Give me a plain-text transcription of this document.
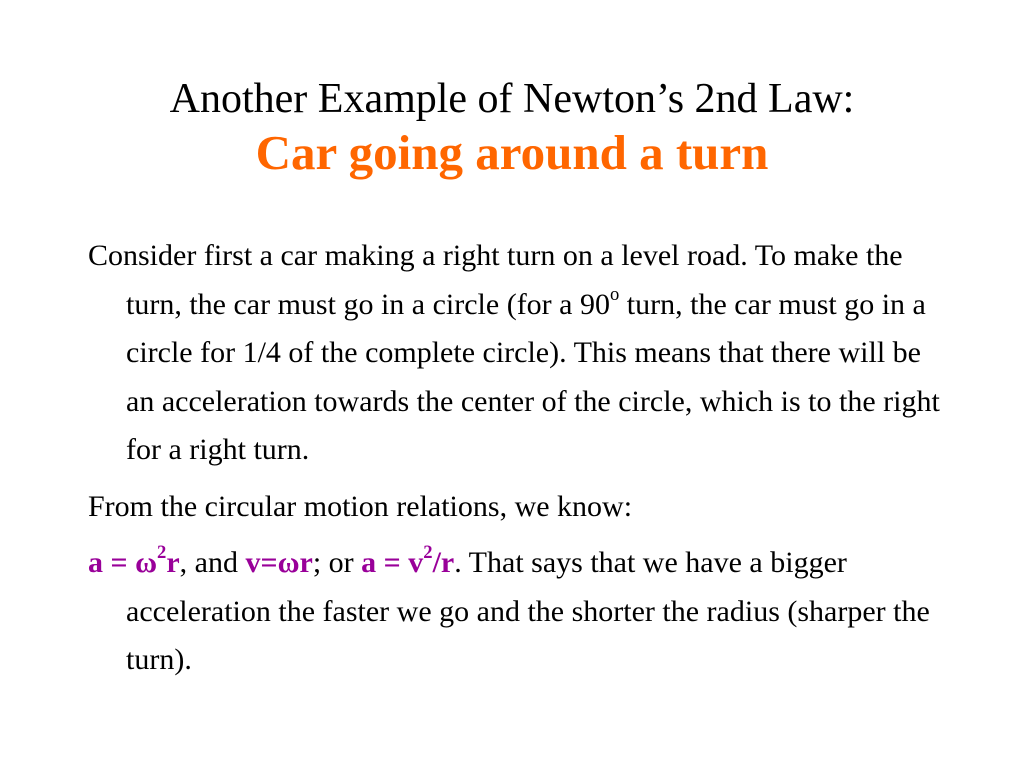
Another Example of Newton’s 2nd Law:
Car going around a turn

Consider first a car making a right turn on a level road. To make the turn, the car must go in a circle (for a 90$^o$ turn, the car must go in a circle for 1/4 of the complete circle). This means that there will be an acceleration towards the center of the circle, which is to the right for a right turn.

From the circular motion relations, we know:

$a = \omega^2r$, and v=ωr; or $a = v^2/r$. That says that we have a bigger acceleration the faster we go and the shorter the radius (sharper the turn).
